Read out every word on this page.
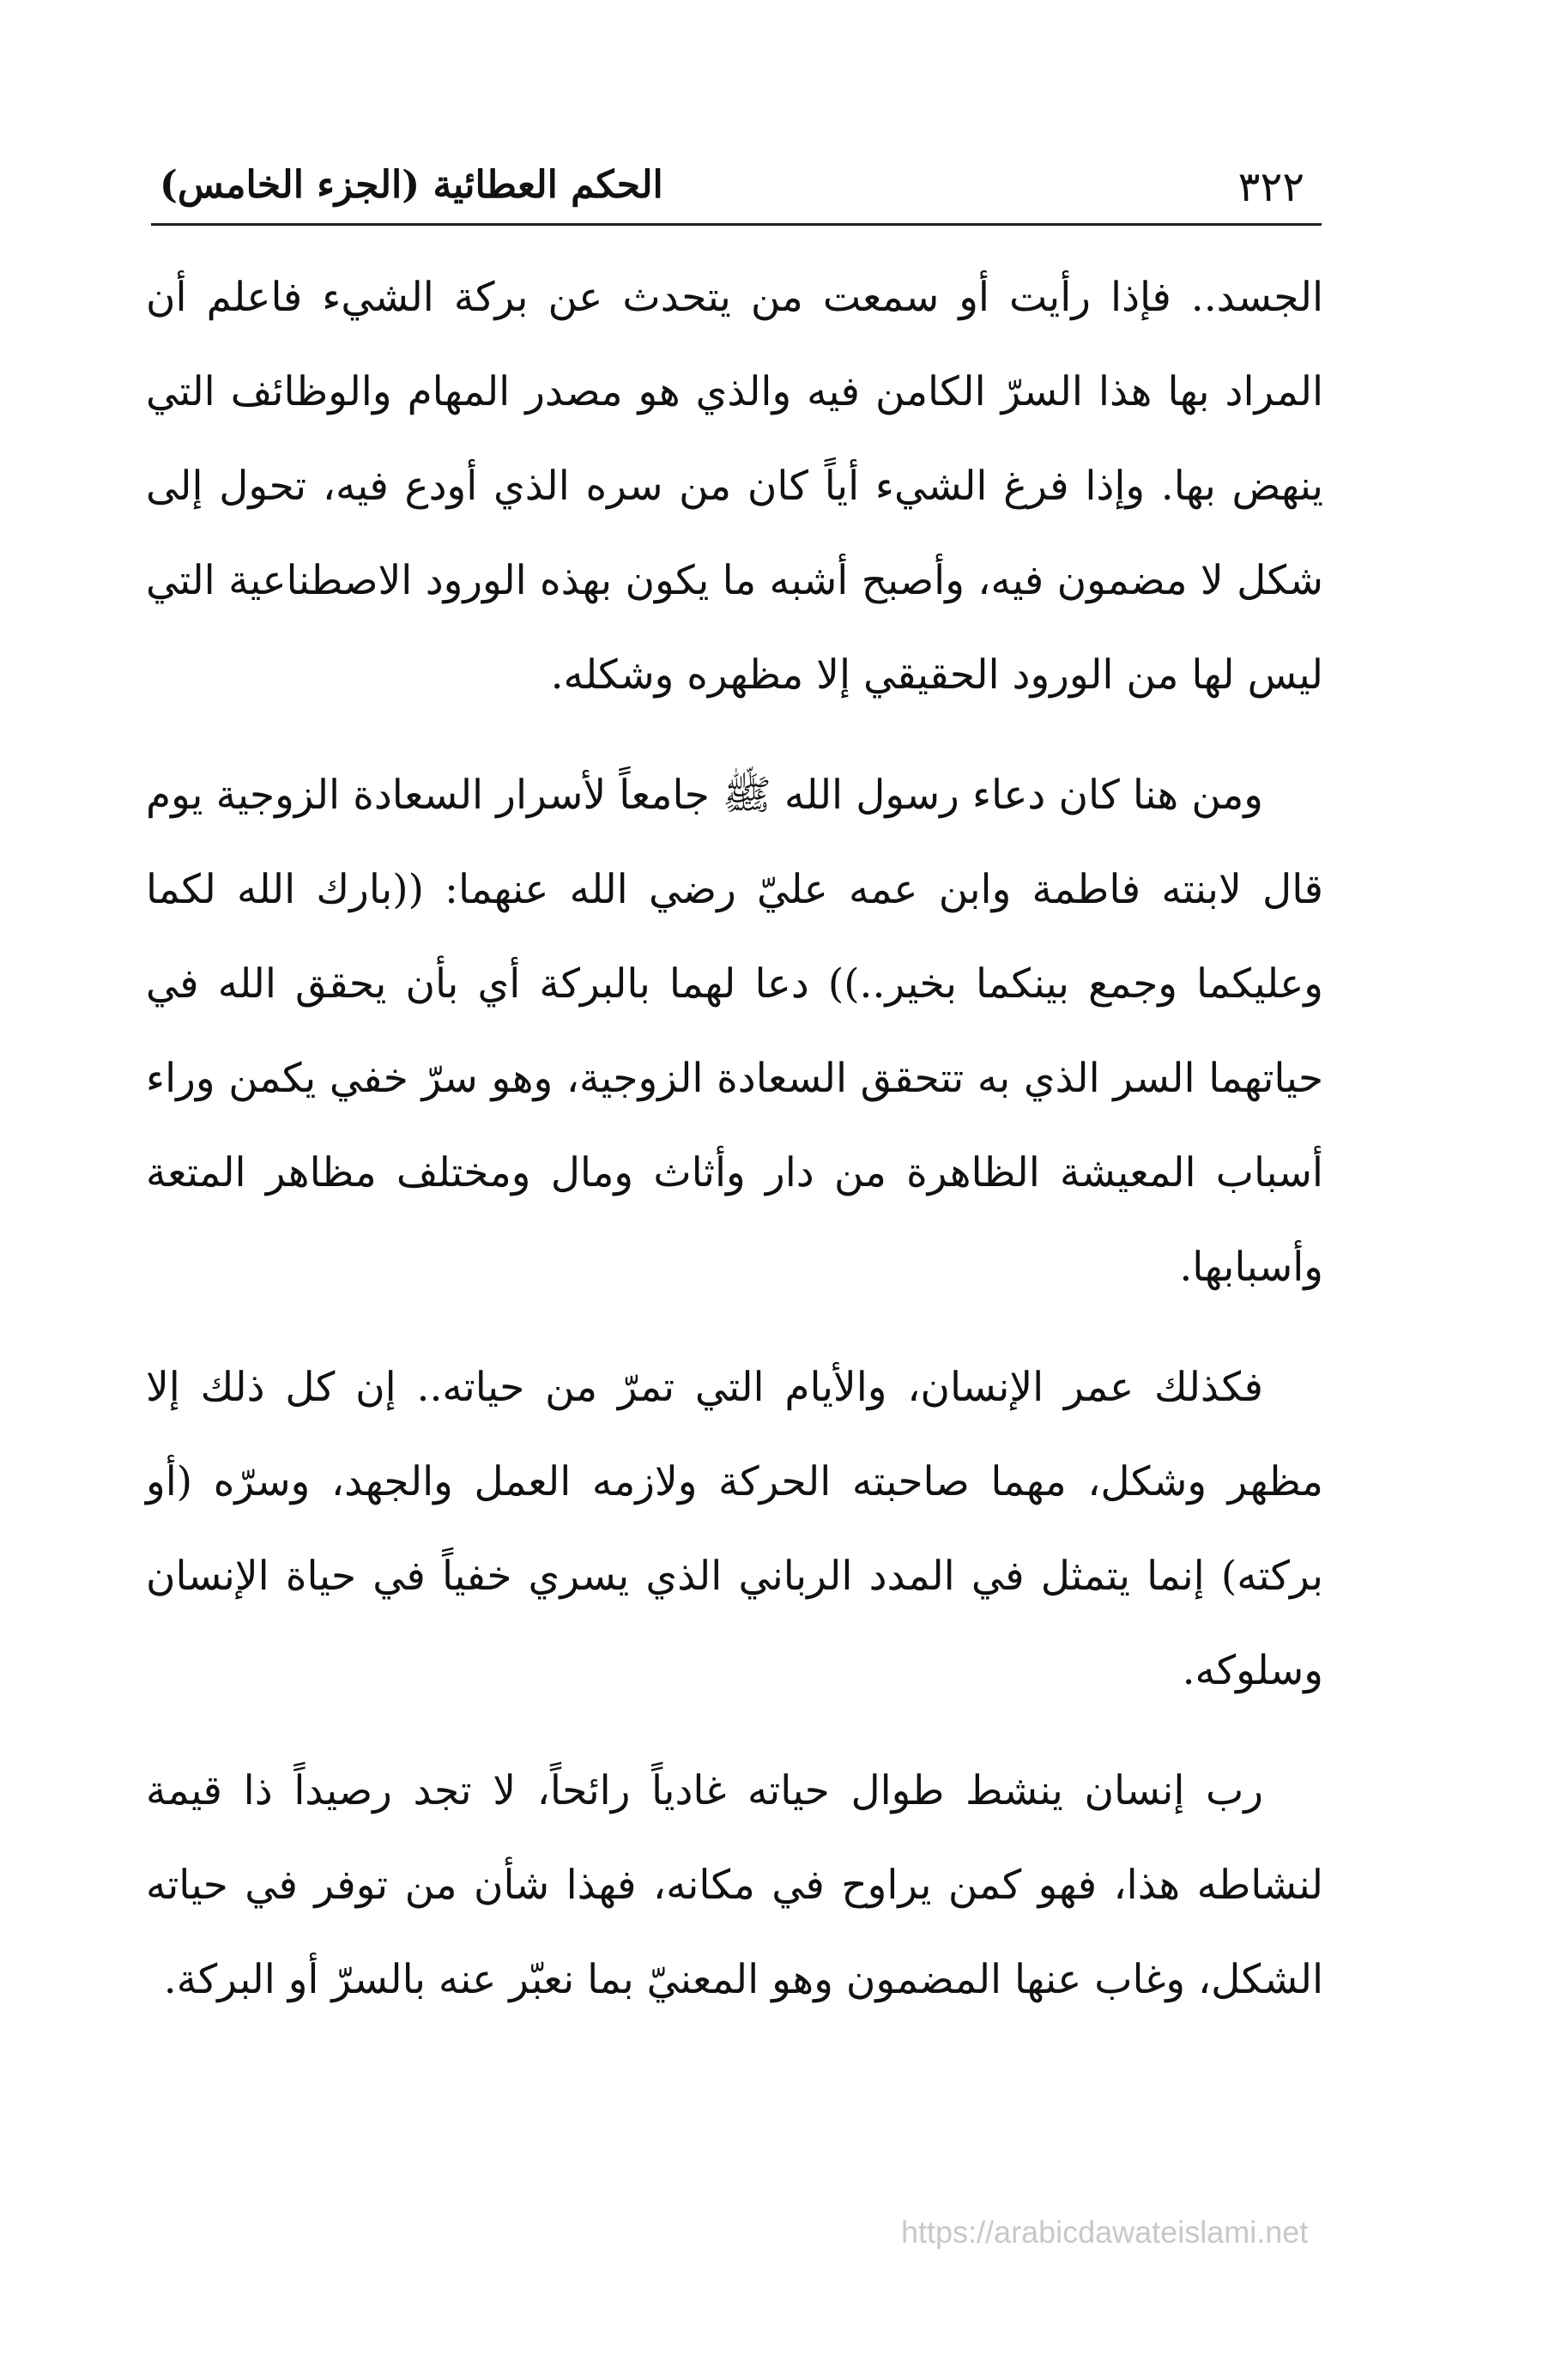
٣٢٢
الحكم العطائية (الجزء الخامس)

الجسد.. فإذا رأيت أو سمعت من يتحدث عن بركة الشيء فاعلم أن المراد بها هذا السرّ الكامن فيه والذي هو مصدر المهام والوظائف التي ينهض بها. وإذا فرغ الشيء أياً كان من سره الذي أودع فيه، تحول إلى شكل لا مضمون فيه، وأصبح أشبه ما يكون بهذه الورود الاصطناعية التي ليس لها من الورود الحقيقي إلا مظهره وشكله.

ومن هنا كان دعاء رسول الله ﷺ جامعاً لأسرار السعادة الزوجية يوم قال لابنته فاطمة وابن عمه عليّ رضي الله عنهما: ((بارك الله لكما وعليكما وجمع بينكما بخير..)) دعا لهما بالبركة أي بأن يحقق الله في حياتهما السر الذي به تتحقق السعادة الزوجية، وهو سرّ خفي يكمن وراء أسباب المعيشة الظاهرة من دار وأثاث ومال ومختلف مظاهر المتعة وأسبابها.

فكذلك عمر الإنسان، والأيام التي تمرّ من حياته.. إن كل ذلك إلا مظهر وشكل، مهما صاحبته الحركة ولازمه العمل والجهد، وسرّه (أو بركته) إنما يتمثل في المدد الرباني الذي يسري خفياً في حياة الإنسان وسلوكه.

رب إنسان ينشط طوال حياته غادياً رائحاً، لا تجد رصيداً ذا قيمة لنشاطه هذا، فهو كمن يراوح في مكانه، فهذا شأن من توفر في حياته الشكل، وغاب عنها المضمون وهو المعنيّ بما نعبّر عنه بالسرّ أو البركة.

https://arabicdawateislami.net
